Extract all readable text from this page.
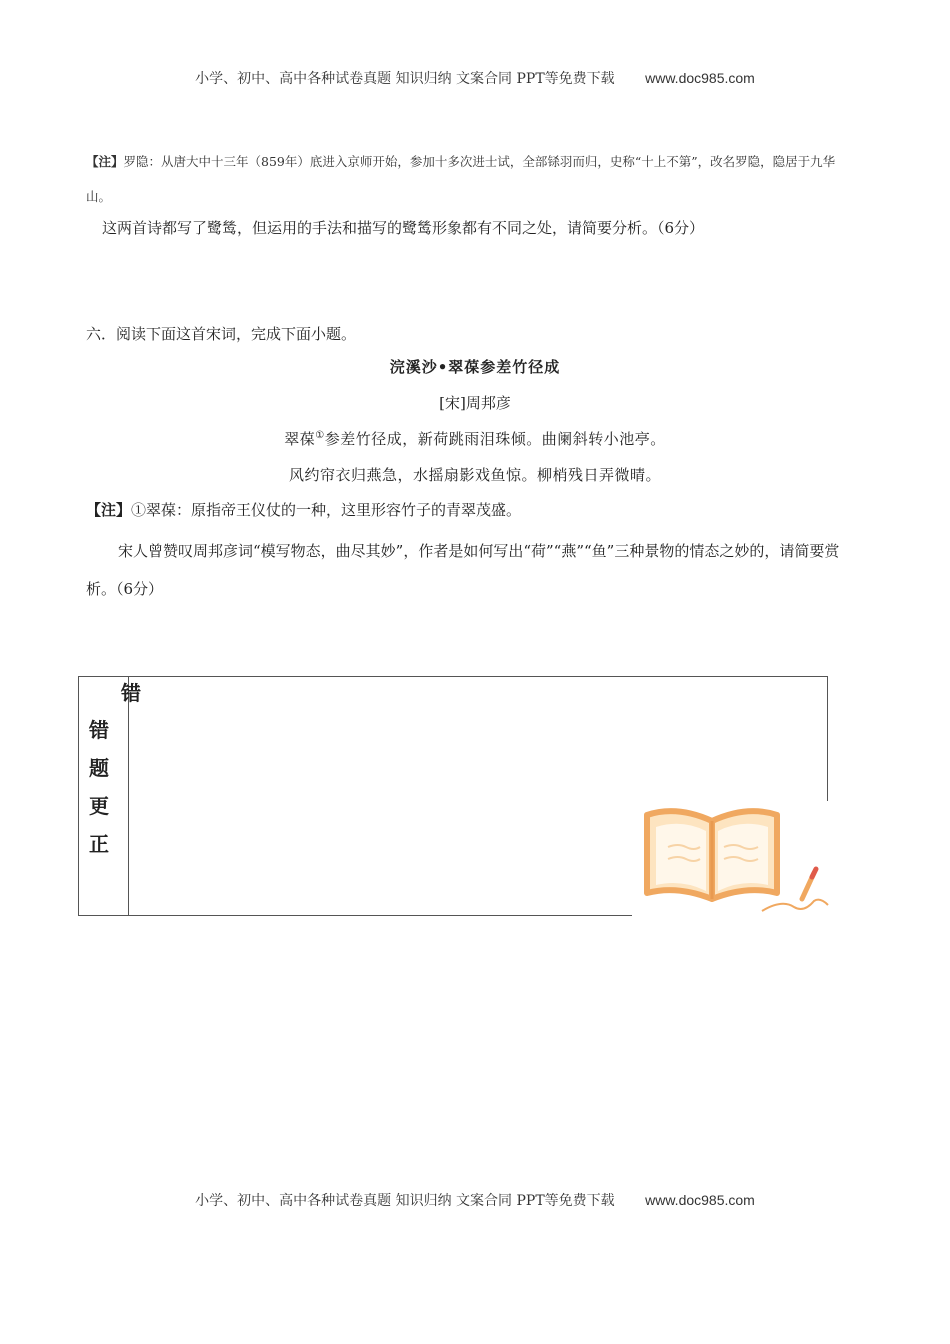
小学、初中、高中各种试卷真题 知识归纳 文案合同 PPT等免费下载 www.doc985.com
【注】罗隐：从唐大中十三年（859年）底进入京师开始，参加十多次进士试，全部铩羽而归，史称“十上不第”，改名罗隐，隐居于九华山。
这两首诗都写了鹭鸶，但运用的手法和描写的鹭鸶形象都有不同之处，请简要分析。（6分）
六．阅读下面这首宋词，完成下面小题。
浣溪沙•翠葆参差竹径成
[宋]周邦彦
翠葆①参差竹径成，新荷跳雨泪珠倾。曲阑斜转小池亭。
风约帘衣归燕急，水摇扇影戏鱼惊。柳梢残日弄微晴。
【注】①翠葆：原指帝王仪仗的一种，这里形容竹子的青翠茂盛。
宋人曾赞叹周邦彦词“模写物态，曲尽其妙”，作者是如何写出“荷”“燕”“鱼”三种景物的情态之妙的，请简要赏析。（6分）
错
错
题
更
正
小学、初中、高中各种试卷真题 知识归纳 文案合同 PPT等免费下载 www.doc985.com
